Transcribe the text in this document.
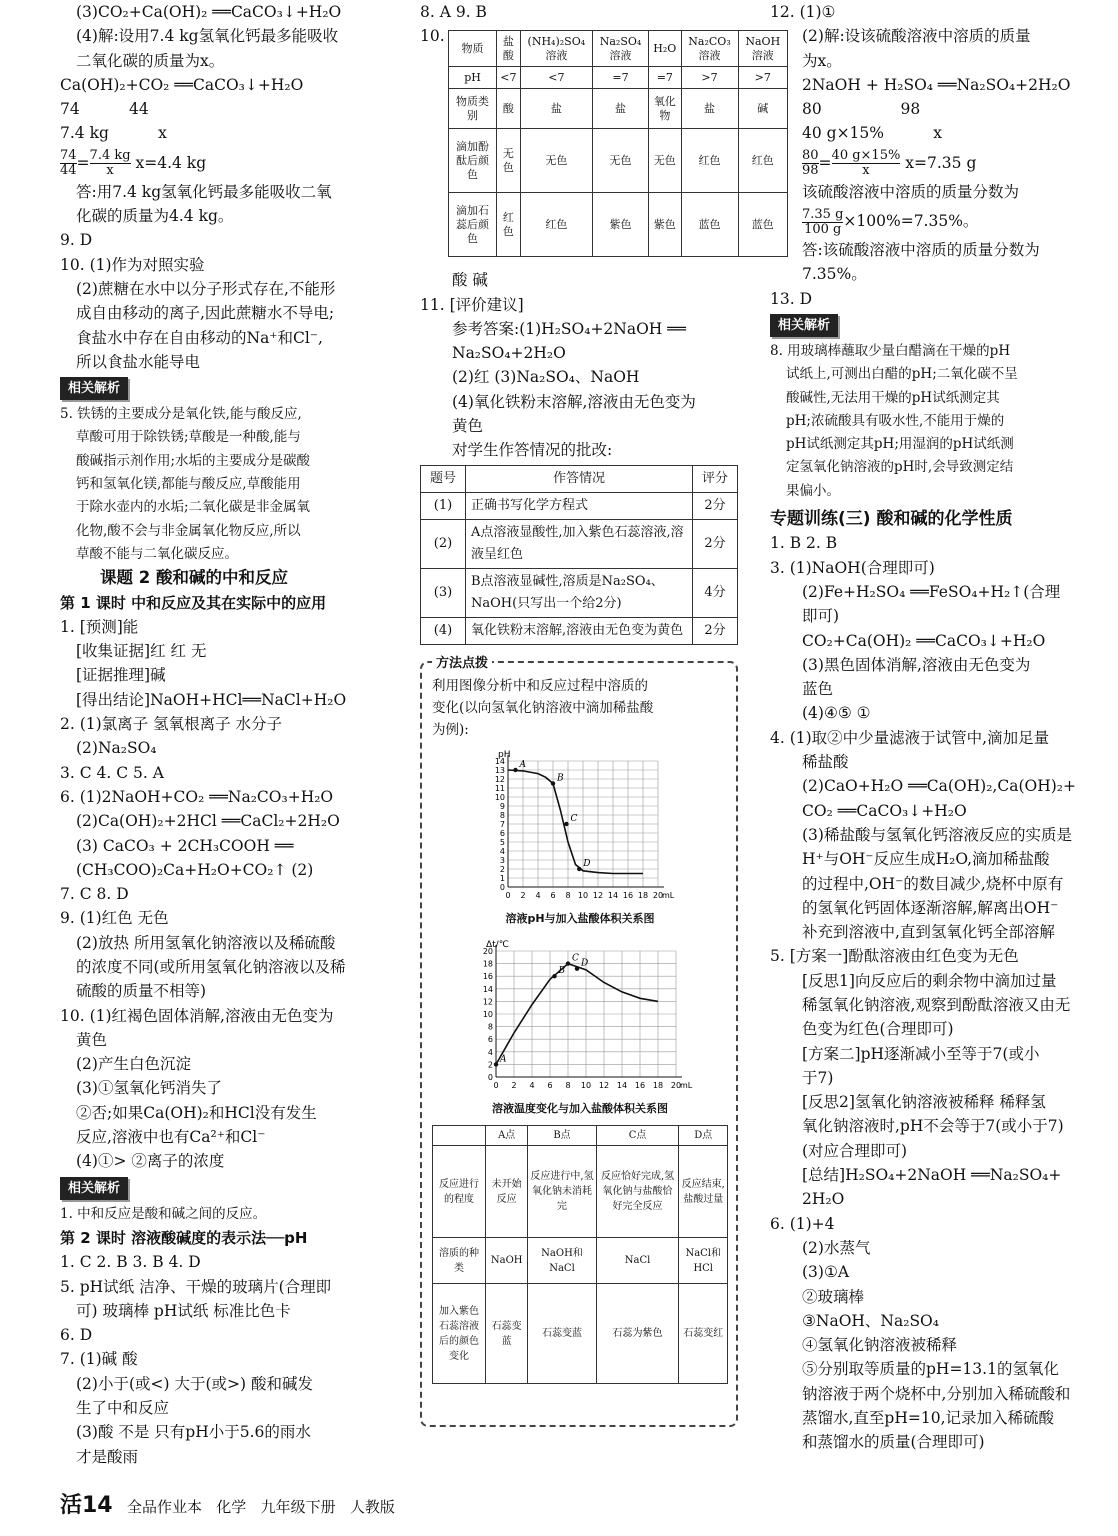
(3)CO₂+Ca(OH)₂ ══CaCO₃↓+H₂O
(4)解:设用7.4 kg氢氧化钙最多能吸收
二氧化碳的质量为x。
Ca(OH)₂+CO₂ ══CaCO₃↓+H₂O
74          44
7.4 kg          x
$\frac{74}{44} = \frac{7.4 kg}{x} x=4.4$ kg
答:用7.4 kg氢氧化钙最多能吸收二氧
化碳的质量为4.4 kg。
9. D
10. (1)作为对照实验
(2)蔗糖在水中以分子形式存在,不能形
成自由移动的离子,因此蔗糖水不导电;
食盐水中存在自由移动的Na⁺和Cl⁻,
所以食盐水能导电
相关解析
5. 铁锈的主要成分是氧化铁,能与酸反应,
草酸可用于除铁锈;草酸是一种酸,能与
酸碱指示剂作用;水垢的主要成分是碳酸
钙和氢氧化镁,都能与酸反应,草酸能用
于除水壶内的水垢;二氧化碳是非金属氧
化物,酸不会与非金属氧化物反应,所以
草酸不能与二氧化碳反应。
课题 2 酸和碱的中和反应
第 1 课时 中和反应及其在实际中的应用
1. [预测]能
[收集证据]红 红 无
[证据推理]碱
[得出结论]NaOH+HCl══NaCl+H₂O
2. (1)氯离子 氢氧根离子 水分子
(2)Na₂SO₄
3. C 4. C 5. A
6. (1)2NaOH+CO₂ ══Na₂CO₃+H₂O
(2)Ca(OH)₂+2HCl ══CaCl₂+2H₂O
(3) CaCO₃ + 2CH₃COOH ══
(CH₃COO)₂Ca+H₂O+CO₂↑ (2)
7. C 8. D
9. (1)红色 无色
(2)放热 所用氢氧化钠溶液以及稀硫酸
的浓度不同(或所用氢氧化钠溶液以及稀
硫酸的质量不相等)
10. (1)红褐色固体消解,溶液由无色变为
黄色
(2)产生白色沉淀
(3)①氢氧化钙消失了
②否;如果Ca(OH)₂和HCl没有发生
反应,溶液中也有Ca²⁺和Cl⁻
(4)①> ②离子的浓度
相关解析
1. 中和反应是酸和碱之间的反应。
第 2 课时 溶液酸碱度的表示法──pH
1. C 2. B 3. B 4. D
5. pH试纸 洁净、干燥的玻璃片(合理即
可) 玻璃棒 pH试纸 标准比色卡
6. D
7. (1)碱 酸
(2)小于(或<) 大于(或>) 酸和碱发
生了中和反应
(3)酸 不是 只有pH小于5.6的雨水
才是酸雨
8. A 9. B
10.
物质	盐酸	(NH₄)₂SO₄溶液	Na₂SO₄溶液	H₂O	Na₂CO₃溶液	NaOH溶液
pH	<7	<7	=7	=7	>7	>7
物质类别	酸	盐	盐	氧化物	盐	碱
滴加酚酞后颜色	无色	无色	无色	无色	红色	红色
滴加石蕊后颜色	红色	红色	紫色	紫色	蓝色	蓝色
酸 碱
11. [评价建议]
参考答案:(1)H₂SO₄+2NaOH ══
Na₂SO₄+2H₂O
(2)红 (3)Na₂SO₄、NaOH
(4)氧化铁粉末溶解,溶液由无色变为
黄色
对学生作答情况的批改:
题号	作答情况	评分
(1)	正确书写化学方程式	2分
(2)	A点溶液显酸性,加入紫色石蕊溶液,溶液呈红色	2分
(3)	B点溶液显碱性,溶质是Na₂SO₄、NaOH(只写出一个给2分)	4分
(4)	氧化铁粉末溶解,溶液由无色变为黄色	2分
方法点拨
利用图像分析中和反应过程中溶质的
变化(以向氢氧化钠溶液中滴加稀盐酸
为例):
0 2 4 6 8 10 12 14 16 18 20
0
1
2
3
4
5
6
7
8
9
10
11
12
13
14
pH
mL
A
B
C
D
溶液pH与加入盐酸体积关系图
0 2 4 6 8 10 12 14 16 18 20
0
2
4
6
8
10
12
14
16
18
20
Δt/℃
mL
A
B
C
D
溶液温度变化与加入盐酸体积关系图
	A点	B点	C点	D点
反应进行的程度	未开始反应	反应进行中,氢氧化钠未消耗完	反应恰好完成,氢氧化钠与盐酸恰好完全反应	反应结束,盐酸过量
溶质的种类	NaOH	NaOH和NaCl	NaCl	NaCl和HCl
加入紫色石蕊溶液后的颜色变化	石蕊变蓝	石蕊变蓝	石蕊为紫色	石蕊变红
12. (1)①
(2)解:设该硫酸溶液中溶质的质量
为x。
2NaOH + H₂SO₄ ══Na₂SO₄+2H₂O
80                98
40 g×15%          x
$\frac{80}{98} = \frac{40 g\times 15\%}{x} x=7.35$ g
该硫酸溶液中溶质的质量分数为
$\frac{7.35 g}{100 g} \times 100\%=7.35\%$。
答:该硫酸溶液中溶质的质量分数为
7.35%。
13. D
相关解析
8. 用玻璃棒蘸取少量白醋滴在干燥的pH
试纸上,可测出白醋的pH;二氧化碳不呈
酸碱性,无法用干燥的pH试纸测定其
pH;浓硫酸具有吸水性,不能用于燥的
pH试纸测定其pH;用湿润的pH试纸测
定氢氧化钠溶液的pH时,会导致测定结
果偏小。
专题训练(三) 酸和碱的化学性质
1. B 2. B
3. (1)NaOH(合理即可)
(2)Fe+H₂SO₄ ══FeSO₄+H₂↑(合理
即可)
CO₂+Ca(OH)₂ ══CaCO₃↓+H₂O
(3)黑色固体消解,溶液由无色变为
蓝色
(4)④⑤ ①
4. (1)取②中少量滤液于试管中,滴加足量
稀盐酸
(2)CaO+H₂O ══Ca(OH)₂,Ca(OH)₂+
CO₂ ══CaCO₃↓+H₂O
(3)稀盐酸与氢氧化钙溶液反应的实质是
H⁺与OH⁻反应生成H₂O,滴加稀盐酸
的过程中,OH⁻的数目减少,烧杯中原有
的氢氧化钙固体逐渐溶解,解离出OH⁻
补充到溶液中,直到氢氧化钙全部溶解
5. [方案一]酚酞溶液由红色变为无色
[反思1]向反应后的剩余物中滴加过量
稀氢氧化钠溶液,观察到酚酞溶液又由无
色变为红色(合理即可)
[方案二]pH逐渐减小至等于7(或小
于7)
[反思2]氢氧化钠溶液被稀释 稀释氢
氧化钠溶液时,pH不会等于7(或小于7)
(对应合理即可)
[总结]H₂SO₄+2NaOH ══Na₂SO₄+
2H₂O
6. (1)+4
(2)水蒸气
(3)①A
②玻璃棒
③NaOH、Na₂SO₄
④氢氧化钠溶液被稀释
⑤分别取等质量的pH=13.1的氢氧化
钠溶液于两个烧杯中,分别加入稀硫酸和
蒸馏水,直至pH=10,记录加入稀硫酸
和蒸馏水的质量(合理即可)
活14 全品作业本 化学 九年级下册 人教版
